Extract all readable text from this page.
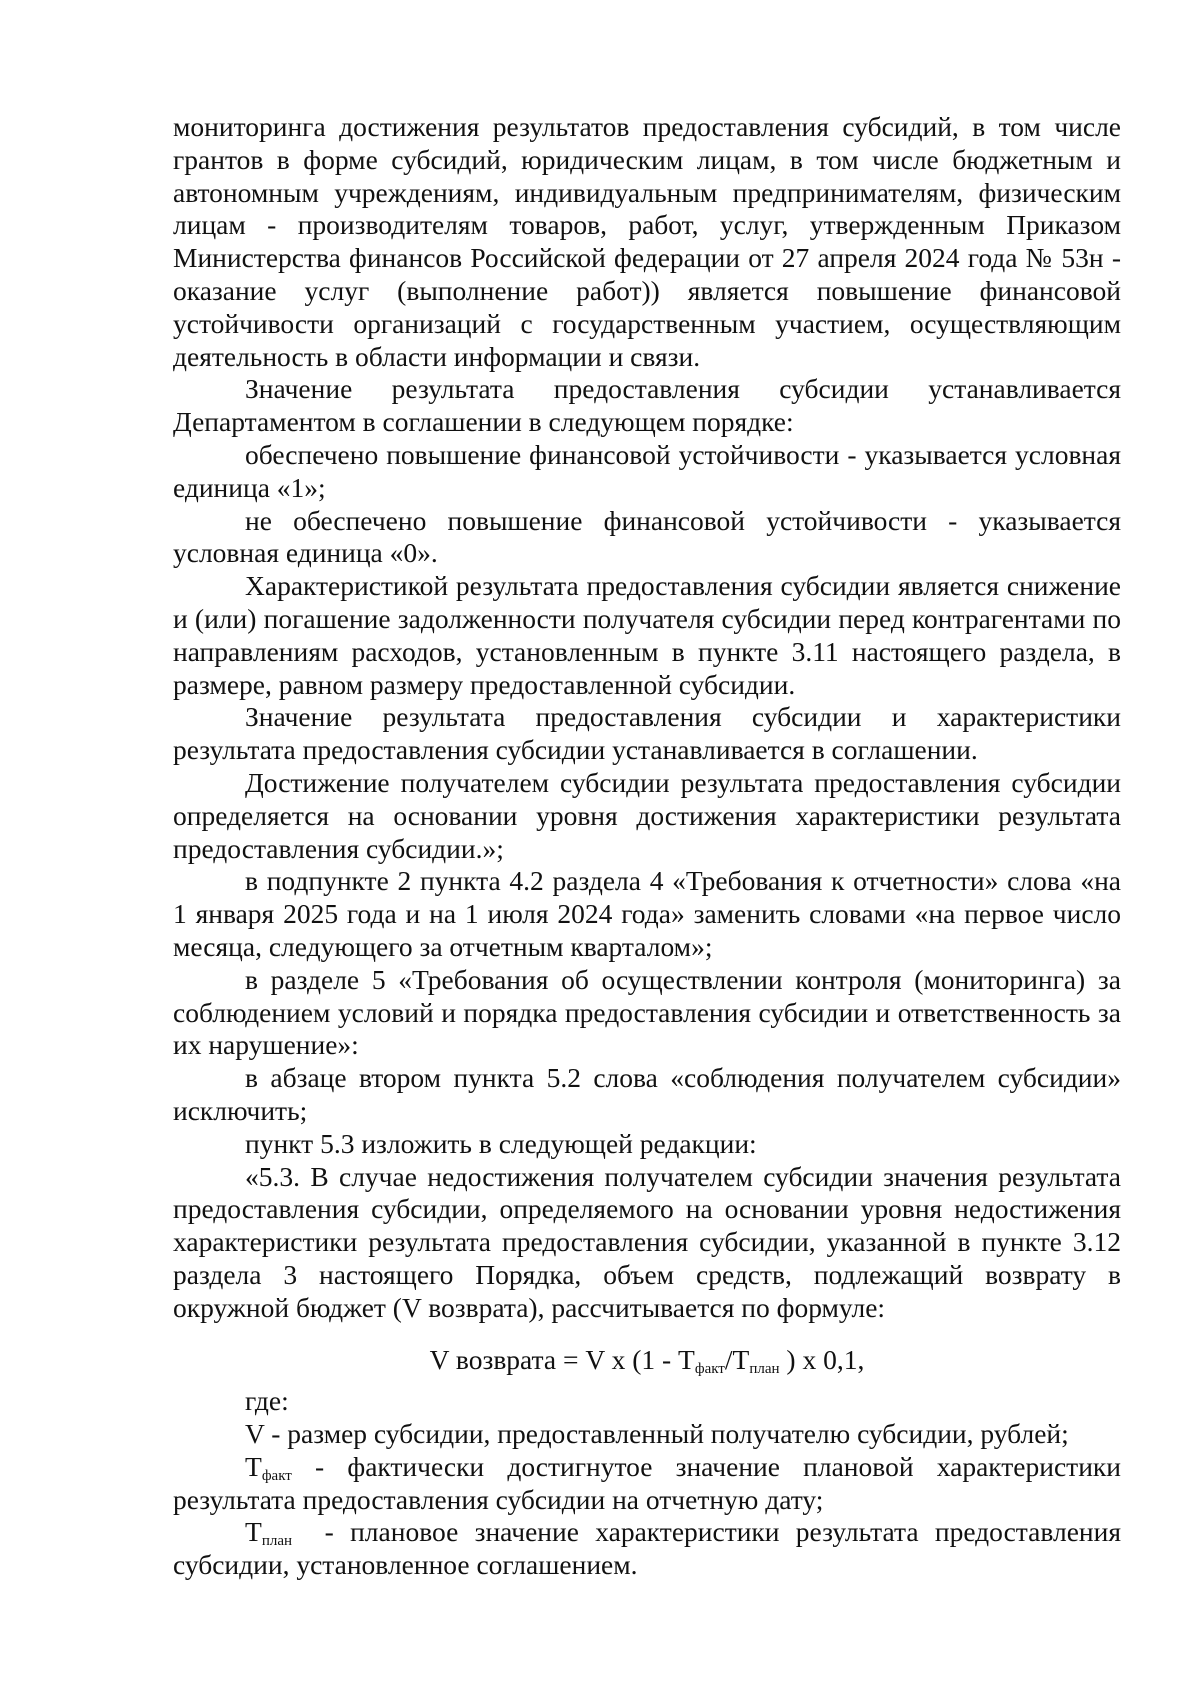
мониторинга достижения результатов предоставления субсидий, в том числе грантов в форме субсидий, юридическим лицам, в том числе бюджетным и автономным учреждениям, индивидуальным предпринимателям, физическим лицам - производителям товаров, работ, услуг, утвержденным Приказом Министерства финансов Российской федерации от 27 апреля 2024 года № 53н - оказание услуг (выполнение работ)) является повышение финансовой устойчивости организаций с государственным участием, осуществляющим деятельность в области информации и связи.

Значение результата предоставления субсидии устанавливается Департаментом в соглашении в следующем порядке:

обеспечено повышение финансовой устойчивости - указывается условная единица «1»;

не обеспечено повышение финансовой устойчивости - указывается условная единица «0».

Характеристикой результата предоставления субсидии является снижение и (или) погашение задолженности получателя субсидии перед контрагентами по направлениям расходов, установленным в пункте 3.11 настоящего раздела, в размере, равном размеру предоставленной субсидии.

Значение результата предоставления субсидии и характеристики результата предоставления субсидии устанавливается в соглашении.

Достижение получателем субсидии результата предоставления субсидии определяется на основании уровня достижения характеристики результата предоставления субсидии.»;

в подпункте 2 пункта 4.2 раздела 4 «Требования к отчетности» слова «на 1 января 2025 года и на 1 июля 2024 года» заменить словами «на первое число месяца, следующего за отчетным кварталом»;

в разделе 5 «Требования об осуществлении контроля (мониторинга) за соблюдением условий и порядка предоставления субсидии и ответственность за их нарушение»:

в абзаце втором пункта 5.2 слова «соблюдения получателем субсидии» исключить;

пункт 5.3 изложить в следующей редакции:

«5.3. В случае недостижения получателем субсидии значения результата предоставления субсидии, определяемого на основании уровня недостижения характеристики результата предоставления субсидии, указанной в пункте 3.12 раздела 3 настоящего Порядка, объем средств, подлежащий возврату в окружной бюджет (V возврата), рассчитывается по формуле:

V возврата = V x ($1 - Т_{факт}/Т_{план}$ ) x 0,1,

где:

V - размер субсидии, предоставленный получателю субсидии, рублей;

$Т_{факт}$ - фактически достигнутое значение плановой характеристики результата предоставления субсидии на отчетную дату;

$Т_{план}$  - плановое значение характеристики результата предоставления субсидии, установленное соглашением.
